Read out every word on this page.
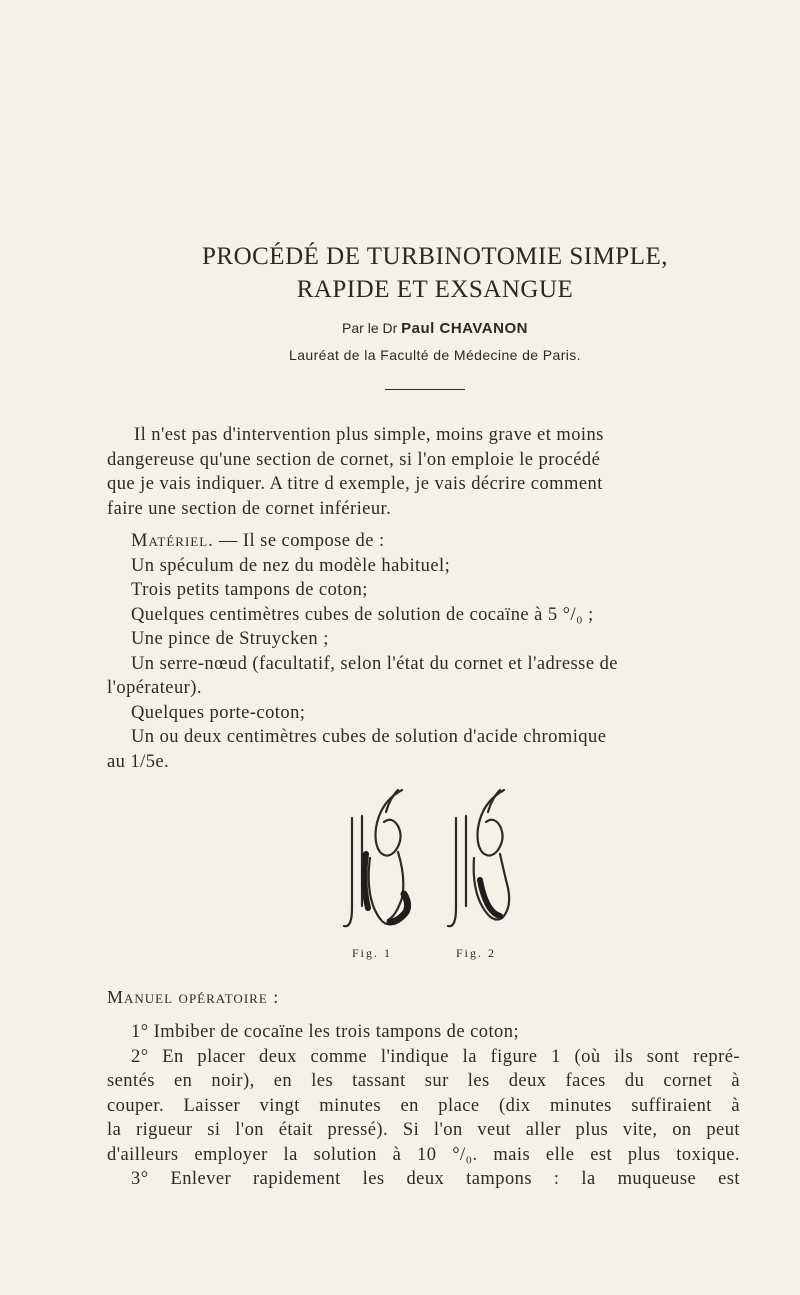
PROCÉDÉ DE TURBINOTOMIE SIMPLE,
RAPIDE ET EXSANGUE
Par le Dr Paul CHAVANON
Lauréat de la Faculté de Médecine de Paris.
Il n'est pas d'intervention plus simple, moins grave et moins
dangereuse qu'une section de cornet, si l'on emploie le procédé
que je vais indiquer. A titre d exemple, je vais décrire comment
faire une section de cornet inférieur.
Matériel. — Il se compose de :
Un spéculum de nez du modèle habituel;
Trois petits tampons de coton;
Quelques centimètres cubes de solution de cocaïne à 5 °/₀ ;
Une pince de Struycken ;
Un serre-nœud (facultatif, selon l'état du cornet et l'adresse de
l'opérateur).
Quelques porte-coton;
Un ou deux centimètres cubes de solution d'acide chromique
au 1/5e.
Fig. 1	Fig. 2
Manuel opératoire :
1° Imbiber de cocaïne les trois tampons de coton;
2° En placer deux comme l'indique la figure 1 (où ils sont repré-
sentés en noir), en les tassant sur les deux faces du cornet à
couper. Laisser vingt minutes en place (dix minutes suffiraient à
la rigueur si l'on était pressé). Si l'on veut aller plus vite, on peut
d'ailleurs employer la solution à 10 °/₀. mais elle est plus toxique.
3° Enlever rapidement les deux tampons : la muqueuse est
